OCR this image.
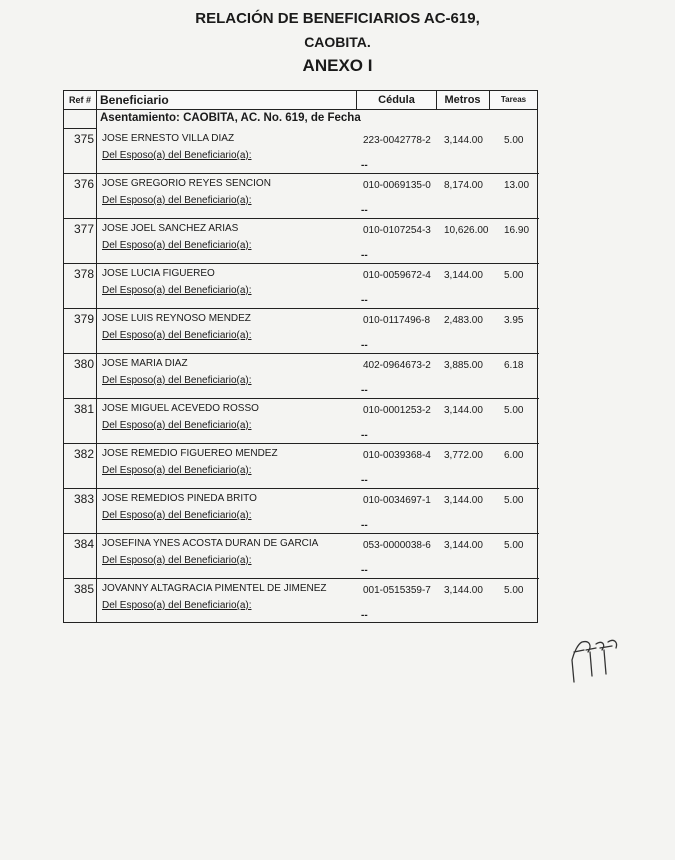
RELACIÓN DE BENEFICIARIOS AC-619,
CAOBITA.
ANEXO I
Ref # Beneficiario	Cédula	Metros	Tareas
Asentamiento: CAOBITA, AC. No. 619, de Fecha
375 JOSE ERNESTO VILLA DIAZ	223-0042778-2 3,144.00 5.00
Del Esposo(a) del Beneficiario(a):
--
376 JOSE GREGORIO REYES SENCION	010-0069135-0 8,174.00 13.00
Del Esposo(a) del Beneficiario(a):
--
377 JOSE JOEL SANCHEZ ARIAS	010-0107254-3 10,626.00 16.90
Del Esposo(a) del Beneficiario(a):
--
378 JOSE LUCIA FIGUEREO	010-0059672-4 3,144.00 5.00
Del Esposo(a) del Beneficiario(a):
--
379 JOSE LUIS REYNOSO MENDEZ	010-0117496-8 2,483.00 3.95
Del Esposo(a) del Beneficiario(a):
--
380 JOSE MARIA DIAZ	402-0964673-2 3,885.00 6.18
Del Esposo(a) del Beneficiario(a):
--
381 JOSE MIGUEL ACEVEDO ROSSO	010-0001253-2 3,144.00 5.00
Del Esposo(a) del Beneficiario(a):
--
382 JOSE REMEDIO FIGUEREO MENDEZ	010-0039368-4 3,772.00 6.00
Del Esposo(a) del Beneficiario(a):
--
383 JOSE REMEDIOS PINEDA BRITO	010-0034697-1 3,144.00 5.00
Del Esposo(a) del Beneficiario(a):
--
384 JOSEFINA YNES ACOSTA DURAN DE GARCIA	053-0000038-6 3,144.00 5.00
Del Esposo(a) del Beneficiario(a):
--
385 JOVANNY ALTAGRACIA PIMENTEL DE JIMENEZ	001-0515359-7 3,144.00 5.00
Del Esposo(a) del Beneficiario(a):
--
